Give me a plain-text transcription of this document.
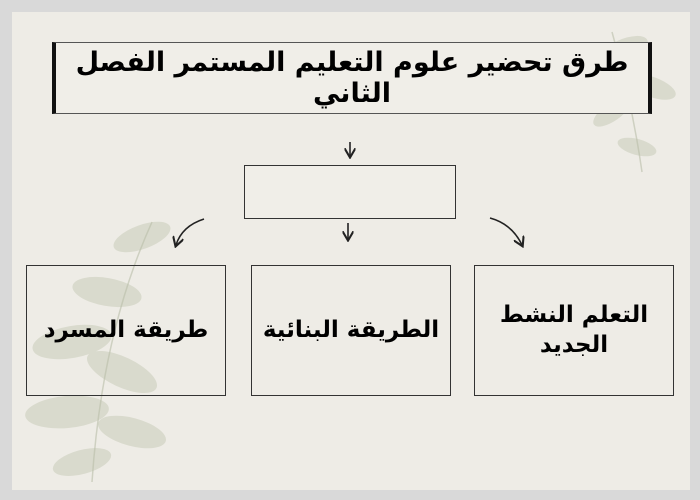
طرق تحضير علوم التعليم المستمر الفصل الثاني
طريقة المسرد	الطريقة البنائية
التعلم النشط الجديد
